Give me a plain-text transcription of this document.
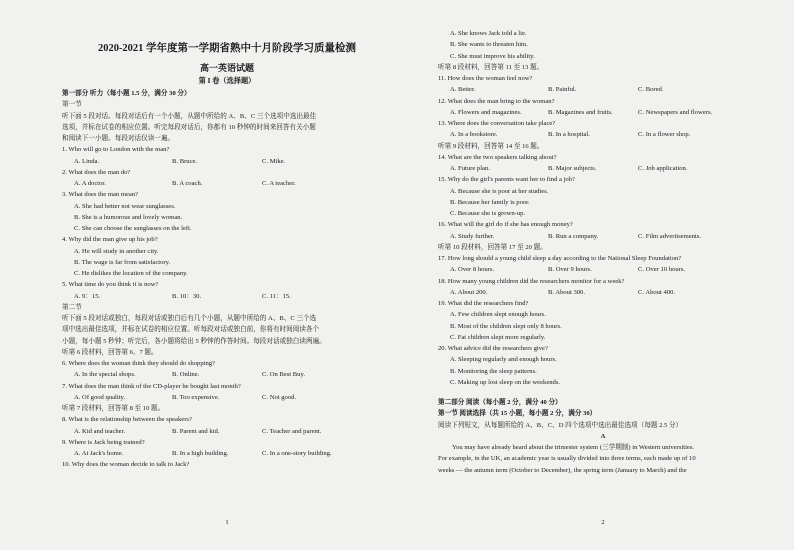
2020-2021 学年度第一学期省熟中十月阶段学习质量检测
高一英语试题
第 I 卷（选择题）
第一部分 听力（每小题 1.5 分，满分 30 分）
第一节
听下面 5 段对话。每段对话后有一个小题，从题中所给的 A、B、C 三个选项中选出最佳
选项，并标在试卷的相应位置。听完每段对话后，你都有 10 秒钟的时间来回答有关小题
和阅读下一小题。每段对话仅读一遍。
1. Who will go to London with the man?
A. Linda.	B. Bruce.	C. Mike.
2. What does the man do?
A. A doctor.	B. A coach.	C. A teacher.
3. What does the man mean?
A. She had better not wear sunglasses.
B. She is a humorous and lovely woman.
C. She can choose the sunglasses on the left.
4. Why did the man give up his job?
A. He will study in another city.
B. The wage is far from satisfactory.
C. He dislikes the location of the company.
5. What time do you think it is now?
A. 9：15.	B. 10：30.	C. 11：15.
第二节
听下面 5 段对话或独白，每段对话或独白后有几个小题，从题中所给的 A、B、C 三个选
项中选出最佳选项，并标在试卷的相应位置。听每段对话或独白前，你将有时间阅读各个
小题，每小题 5 秒钟；听完后，各小题将给出 5 秒钟的作答时间。每段对话或独白读两遍。
听第 6 段材料，回答第 6、7 题。
6. Where does the woman think they should do shopping?
A. In the special shops.	B. Online.	C. On Best Buy.
7. What does the man think of the CD-player he bought last month?
A. Of good quality.	B. Too expensive.	C. Not good.
听第 7 段材料，回答第 8 至 10 题。
8. What is the relationship between the speakers?
A. Kid and teacher.	B. Parent and kid.	C. Teacher and parent.
9. Where is Jack being trained?
A. At Jack's home.	B. In a high building.	C. In a one-story building.
10. Why does the woman decide to talk to Jack?
1
A. She knows Jack told a lie.
B. She wants to threaten him.
C. She must improve his ability.
听第 8 段材料，回答第 11 至 13 题。
11. How does the woman feel now?
A. Better.	B. Painful.	C. Bored.
12. What does the man bring to the woman?
A. Flowers and magazines.	B. Magazines and fruits.	C. Newspapers and flowers.
13. Where does the conversation take place?
A. In a bookstore.	B. In a hospital.	C. In a flower shop.
听第 9 段材料，回答第 14 至 16 题。
14. What are the two speakers talking about?
A. Future plan.	B. Major subjects.	C. Job application.
15. Why do the girl's parents want her to find a job?
A. Because she is poor at her studies.
B. Because her family is poor.
C. Because she is grown-up.
16. What will the girl do if she has enough money?
A. Study further.	B. Run a company.	C. Film advertisements.
听第 10 段材料，回答第 17 至 20 题。
17. How long should a young child sleep a day according to the National Sleep Foundation?
A. Over 8 hours.	B. Over 9 hours.	C. Over 10 hours.
18. How many young children did the researchers monitor for a week?
A. About 200.	B. About 300.	C. About 400.
19. What did the researchers find?
A. Few children slept enough hours.
B. Most of the children slept only 8 hours.
C. Fat children slept more regularly.
20. What advice did the researchers give?
A. Sleeping regularly and enough hours.
B. Monitoring the sleep patterns.
C. Making up lost sleep on the weekends.
第二部分 阅读（每小题 2 分，满分 40 分）
第一节 阅读选择（共 15 小题，每小题 2 分，满分 30）
阅读下列短文，从每题所给的 A、B、C、D 四个选项中选出最佳选项（每题 2.5 分）
A
You may have already heard about the trimester system (三学期制) in Western universities.
For example, in the UK, an academic year is usually divided into three terms, each made up of 10
weeks — the autumn term (October to December), the spring term (January to March) and the
2
